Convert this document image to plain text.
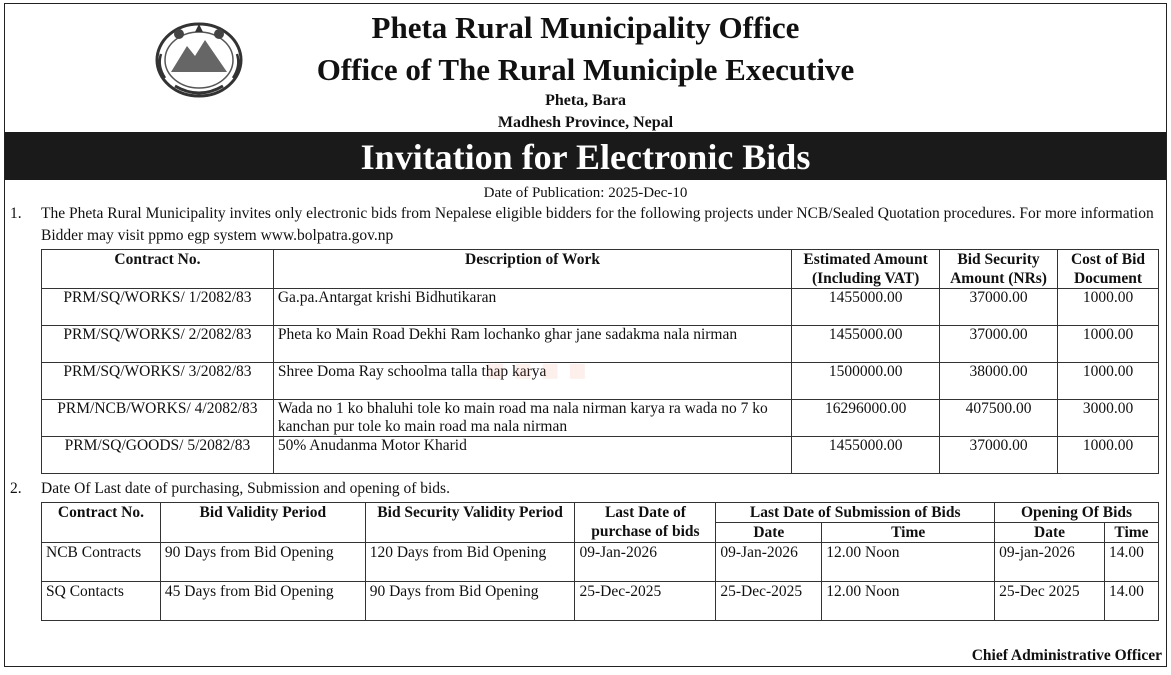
Pheta Rural Municipality Office
Office of The Rural Municiple Executive
Pheta, Bara
Madhesh Province, Nepal
Invitation for Electronic Bids
Date of Publication: 2025-Dec-10
▪▪▪▪
1. The Pheta Rural Municipality invites only electronic bids from Nepalese eligible bidders for the following projects under NCB/Sealed Quotation procedures. For more information Bidder may visit ppmo egp system www.bolpatra.gov.np
Contract No.	Description of Work	Estimated Amount (Including VAT)	Bid Security Amount (NRs)	Cost of Bid Document
PRM/SQ/WORKS/ 1/2082/83	Ga.pa.Antargat krishi Bidhutikaran	1455000.00	37000.00	1000.00
PRM/SQ/WORKS/ 2/2082/83	Pheta ko Main Road Dekhi Ram lochanko ghar jane sadakma nala nirman	1455000.00	37000.00	1000.00
PRM/SQ/WORKS/ 3/2082/83	Shree Doma Ray schoolma talla thap karya	1500000.00	38000.00	1000.00
PRM/NCB/WORKS/ 4/2082/83	Wada no 1 ko bhaluhi tole ko main road ma nala nirman karya ra wada no 7 ko kanchan pur tole ko main road ma nala nirman	16296000.00	407500.00	3000.00
PRM/SQ/GOODS/ 5/2082/83	50% Anudanma Motor Kharid	1455000.00	37000.00	1000.00
2. Date Of Last date of purchasing, Submission and opening of bids.
Contract No.	Bid Validity Period	Bid Security Validity Period	Last Date of purchase of bids	Last Date of Submission of Bids		Opening Of Bids	
				Date	Time	Date	Time
NCB Contracts	90 Days from Bid Opening	120 Days from Bid Opening	09-Jan-2026	09-Jan-2026	12.00 Noon	09-jan-2026	14.00
SQ Contacts	45 Days from Bid Opening	90 Days from Bid Opening	25-Dec-2025	25-Dec-2025	12.00 Noon	25-Dec 2025	14.00
Chief Administrative Officer
